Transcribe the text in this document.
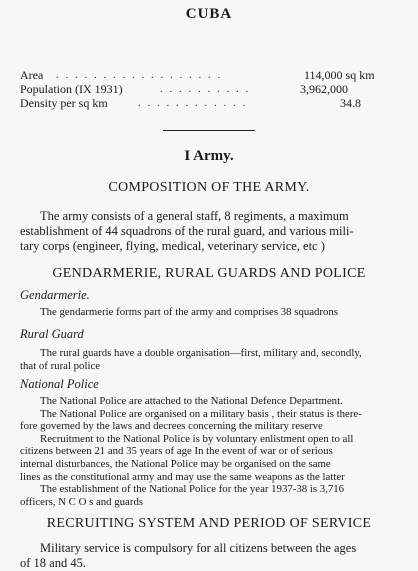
CUBA
Area . . . . . . . . . . . . . . . . . .	114,000 sq km
Population (IX 1931)	. . . . . . . . . .	3,962,000
Density per sq km	. . . . . . . . . . . .	34.8
I Army.
COMPOSITION OF THE ARMY.
The army consists of a general staff, 8 regiments, a maximum
establishment of 44 squadrons of the rural guard, and various mili-
tary corps (engineer, flying, medical, veterinary service, etc )
GENDARMERIE, RURAL GUARDS AND POLICE
Gendarmerie.
The gendarmerie forms part of the army and comprises 38 squadrons
Rural Guard
The rural guards have a double organisation—first, military and, secondly,
that of rural police
National Police
The National Police are attached to the National Defence Department.
The National Police are organised on a military basis , their status is there-
fore governed by the laws and decrees concerning the military reserve
Recruitment to the National Police is by voluntary enlistment open to all
citizens between 21 and 35 years of age In the event of war or of serious
internal disturbances, the National Police may be organised on the same
lines as the constitutional army and may use the same weapons as the latter
The establishment of the National Police for the year 1937-38 is 3,716
officers, N C O s and guards
RECRUITING SYSTEM AND PERIOD OF SERVICE
Military service is compulsory for all citizens between the ages
of 18 and 45.
